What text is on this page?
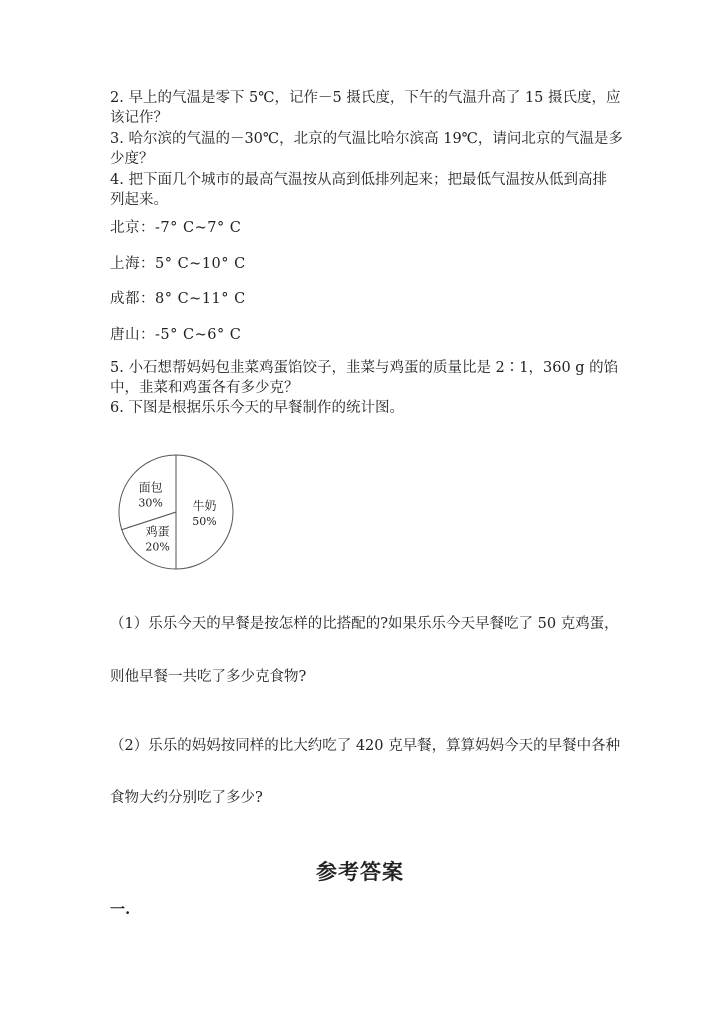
2. 早上的气温是零下 5℃，记作－5 摄氏度，下午的气温升高了 15 摄氏度，应
该记作？
3. 哈尔滨的气温的－30℃，北京的气温比哈尔滨高 19℃，请问北京的气温是多
少度？
4. 把下面几个城市的最高气温按从高到低排列起来；把最低气温按从低到高排
列起来。
北京：-7° C~7° C
上海：5° C~10° C
成都：8° C~11° C
唐山：-5° C~6° C
5. 小石想帮妈妈包韭菜鸡蛋馅饺子，韭菜与鸡蛋的质量比是 2∶1，360 g 的馅
中，韭菜和鸡蛋各有多少克？
6. 下图是根据乐乐今天的早餐制作的统计图。
牛奶
50%
鸡蛋
20%
面包
30%
（1）乐乐今天的早餐是按怎样的比搭配的?如果乐乐今天早餐吃了 50 克鸡蛋，
则他早餐一共吃了多少克食物?
（2）乐乐的妈妈按同样的比大约吃了 420 克早餐，算算妈妈今天的早餐中各种
食物大约分别吃了多少?
参考答案
一.
